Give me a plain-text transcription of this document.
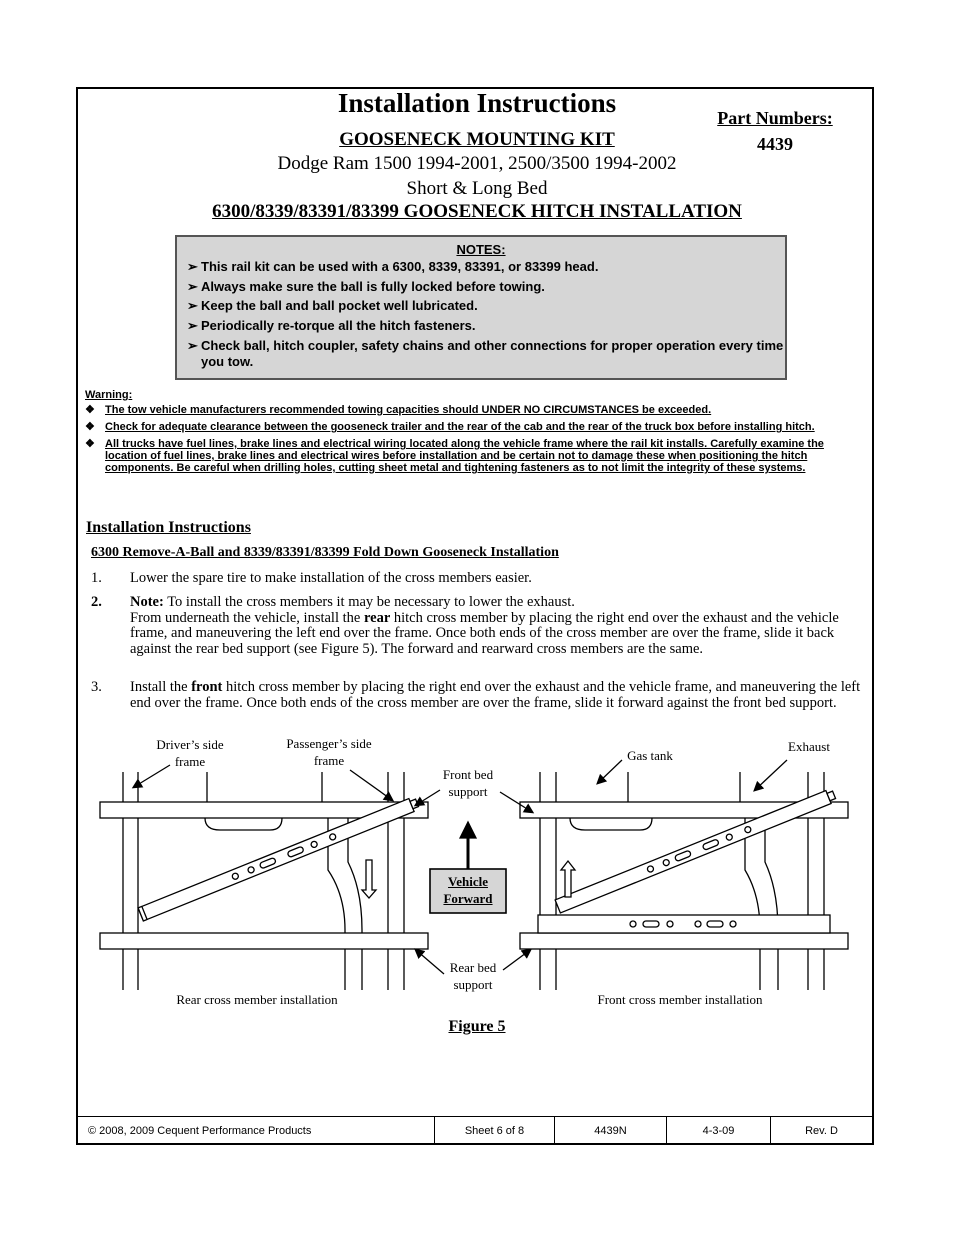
Installation Instructions	Part Numbers:
4439
GOOSENECK MOUNTING KIT
Dodge Ram 1500 1994-2001, 2500/3500 1994-2002
Short & Long Bed
6300/8339/83391/83399 GOOSENECK HITCH INSTALLATION
NOTES:
➢ This rail kit can be used with a 6300, 8339, 83391, or 83399 head.
➢ Always make sure the ball is fully locked before towing.
➢ Keep the ball and ball pocket well lubricated.
➢ Periodically re-torque all the hitch fasteners.
➢ Check ball, hitch coupler, safety chains and other connections for proper operation every time you tow.
Warning:
❖ The tow vehicle manufacturers recommended towing capacities should UNDER NO CIRCUMSTANCES be exceeded.
❖ Check for adequate clearance between the gooseneck trailer and the rear of the cab and the rear of the truck box before installing hitch.
❖ All trucks have fuel lines, brake lines and electrical wiring located along the vehicle frame where the rail kit installs. Carefully examine the location of fuel lines, brake lines and electrical wires before installation and be certain not to damage these when positioning the hitch components. Be careful when drilling holes, cutting sheet metal and tightening fasteners as to not limit the integrity of these systems.
Installation Instructions
6300 Remove-A-Ball and 8339/83391/83399 Fold Down Gooseneck Installation
1. Lower the spare tire to make installation of the cross members easier.
2. Note: To install the cross members it may be necessary to lower the exhaust.
From underneath the vehicle, install the rear hitch cross member by placing the right end over the exhaust and the vehicle frame, and maneuvering the left end over the frame. Once both ends of the cross member are over the frame, slide it back against the rear bed support (see Figure 5). The forward and rearward cross members are the same.
3. Install the front hitch cross member by placing the right end over the exhaust and the vehicle frame, and maneuvering the left end over the frame. Once both ends of the cross member are over the frame, slide it forward against the front bed support.
Driver’s side frame
Passenger’s side frame
Front bed support
Gas tank
Exhaust
Vehicle Forward
Rear bed support
Rear cross member installation	Front cross member installation
Figure 5
© 2008, 2009 Cequent Performance Products	Sheet 6 of 8	4439N	4-3-09	Rev. D
